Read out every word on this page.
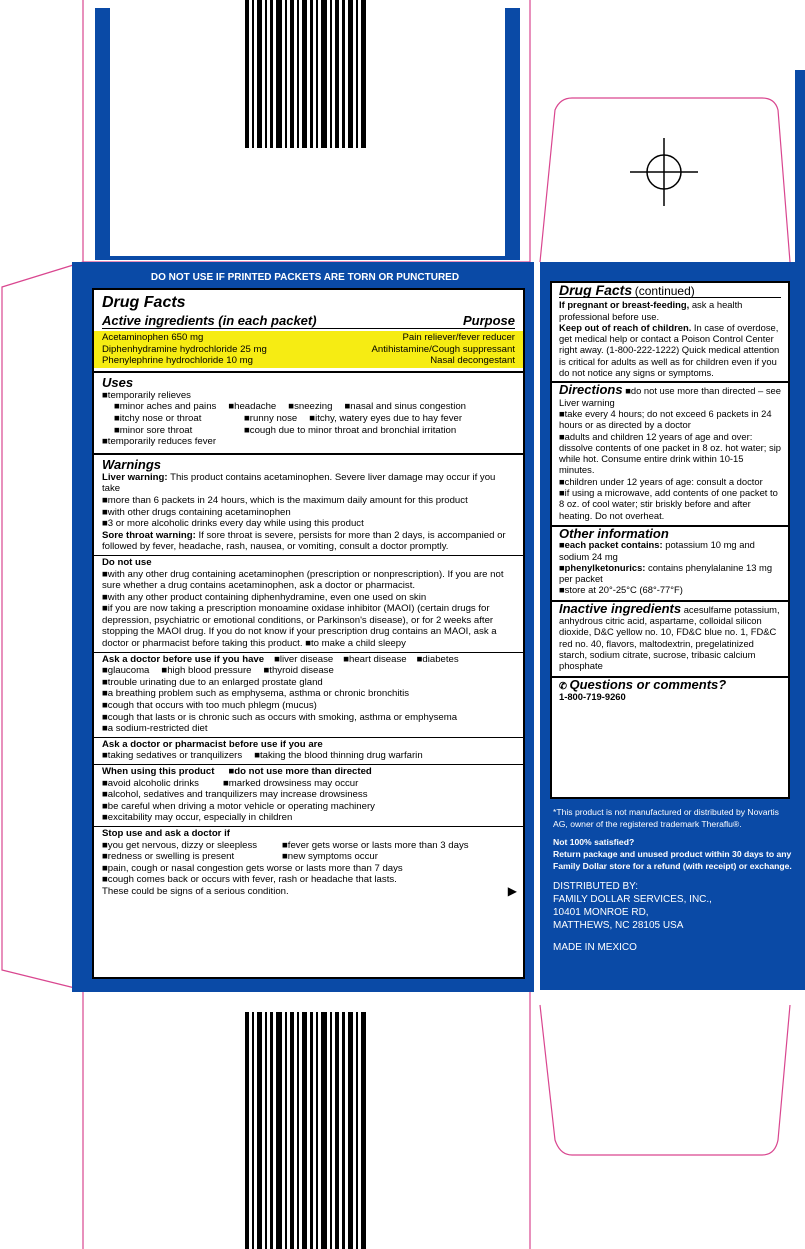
DO NOT USE IF PRINTED PACKETS ARE TORN OR PUNCTURED
Drug Facts
Active ingredients (in each packet)	Purpose
Acetaminophen 650 mg	Pain reliever/fever reducer
Diphenhydramine hydrochloride 25 mg	Antihistamine/Cough suppressant
Phenylephrine hydrochloride 10 mg	Nasal decongestant
Uses
■ temporarily relieves
■ minor aches and pains	■ headache	■ sneezing	■ nasal and sinus congestion
■ itchy nose or throat	■ runny nose	■ itchy, watery eyes due to hay fever
■ minor sore throat	■ cough due to minor throat and bronchial irritation
■ temporarily reduces fever
Warnings
Liver warning: This product contains acetaminophen. Severe liver damage may occur if you take
■ more than 6 packets in 24 hours, which is the maximum daily amount for this product
■ with other drugs containing acetaminophen
■ 3 or more alcoholic drinks every day while using this product
Sore throat warning: If sore throat is severe, persists for more than 2 days, is accompanied or followed by fever, headache, rash, nausea, or vomiting, consult a doctor promptly.
Do not use
■ with any other drug containing acetaminophen (prescription or nonprescription). If you are not sure whether a drug contains acetaminophen, ask a doctor or pharmacist.
■ with any other product containing diphenhydramine, even one used on skin
■ if you are now taking a prescription monoamine oxidase inhibitor (MAOI) (certain drugs for depression, psychiatric or emotional conditions, or Parkinson's disease), or for 2 weeks after stopping the MAOI drug. If you do not know if your prescription drug contains an MAOI, ask a doctor or pharmacist before taking this product. ■ to make a child sleepy
Ask a doctor before use if you have	■ liver disease	■ heart disease	■ diabetes
■ glaucoma	■ high blood pressure	■ thyroid disease
■ trouble urinating due to an enlarged prostate gland
■ a breathing problem such as emphysema, asthma or chronic bronchitis
■ cough that occurs with too much phlegm (mucus)
■ cough that lasts or is chronic such as occurs with smoking, asthma or emphysema
■ a sodium-restricted diet
Ask a doctor or pharmacist before use if you are
■ taking sedatives or tranquilizers	■ taking the blood thinning drug warfarin
When using this product	■ do not use more than directed
■ avoid alcoholic drinks	■ marked drowsiness may occur
■ alcohol, sedatives and tranquilizers may increase drowsiness
■ be careful when driving a motor vehicle or operating machinery
■ excitability may occur, especially in children
Stop use and ask a doctor if
■ you get nervous, dizzy or sleepless	■ fever gets worse or lasts more than 3 days
■ redness or swelling is present	■ new symptoms occur
■ pain, cough or nasal congestion gets worse or lasts more than 7 days
■ cough comes back or occurs with fever, rash or headache that lasts.
These could be signs of a serious condition.	▶
Drug Facts (continued)
If pregnant or breast-feeding, ask a health professional before use.
Keep out of reach of children. In case of overdose, get medical help or contact a Poison Control Center right away. (1-800-222-1222) Quick medical attention is critical for adults as well as for children even if you do not notice any signs or symptoms.
Directions ■ do not use more than directed – see Liver warning
■ take every 4 hours; do not exceed 6 packets in 24 hours or as directed by a doctor
■ adults and children 12 years of age and over: dissolve contents of one packet in 8 oz. hot water; sip while hot. Consume entire drink within 10-15 minutes.
■ children under 12 years of age: consult a doctor
■ if using a microwave, add contents of one packet to 8 oz. of cool water; stir briskly before and after heating. Do not overheat.
Other information
■ each packet contains: potassium 10 mg and sodium 24 mg
■ phenylketonurics: contains phenylalanine 13 mg per packet
■ store at 20°-25°C (68°-77°F)
Inactive ingredients acesulfame potassium, anhydrous citric acid, aspartame, colloidal silicon dioxide, D&C yellow no. 10, FD&C blue no. 1, FD&C red no. 40, flavors, maltodextrin, pregelatinized starch, sodium citrate, sucrose, tribasic calcium phosphate
✆ Questions or comments?
1-800-719-9260
*This product is not manufactured or distributed by Novartis AG, owner of the registered trademark Theraflu®.
Not 100% satisfied?
Return package and unused product within 30 days to any Family Dollar store for a refund (with receipt) or exchange.
DISTRIBUTED BY:
FAMILY DOLLAR SERVICES, INC.,
10401 MONROE RD,
MATTHEWS, NC 28105 USA
MADE IN MEXICO
